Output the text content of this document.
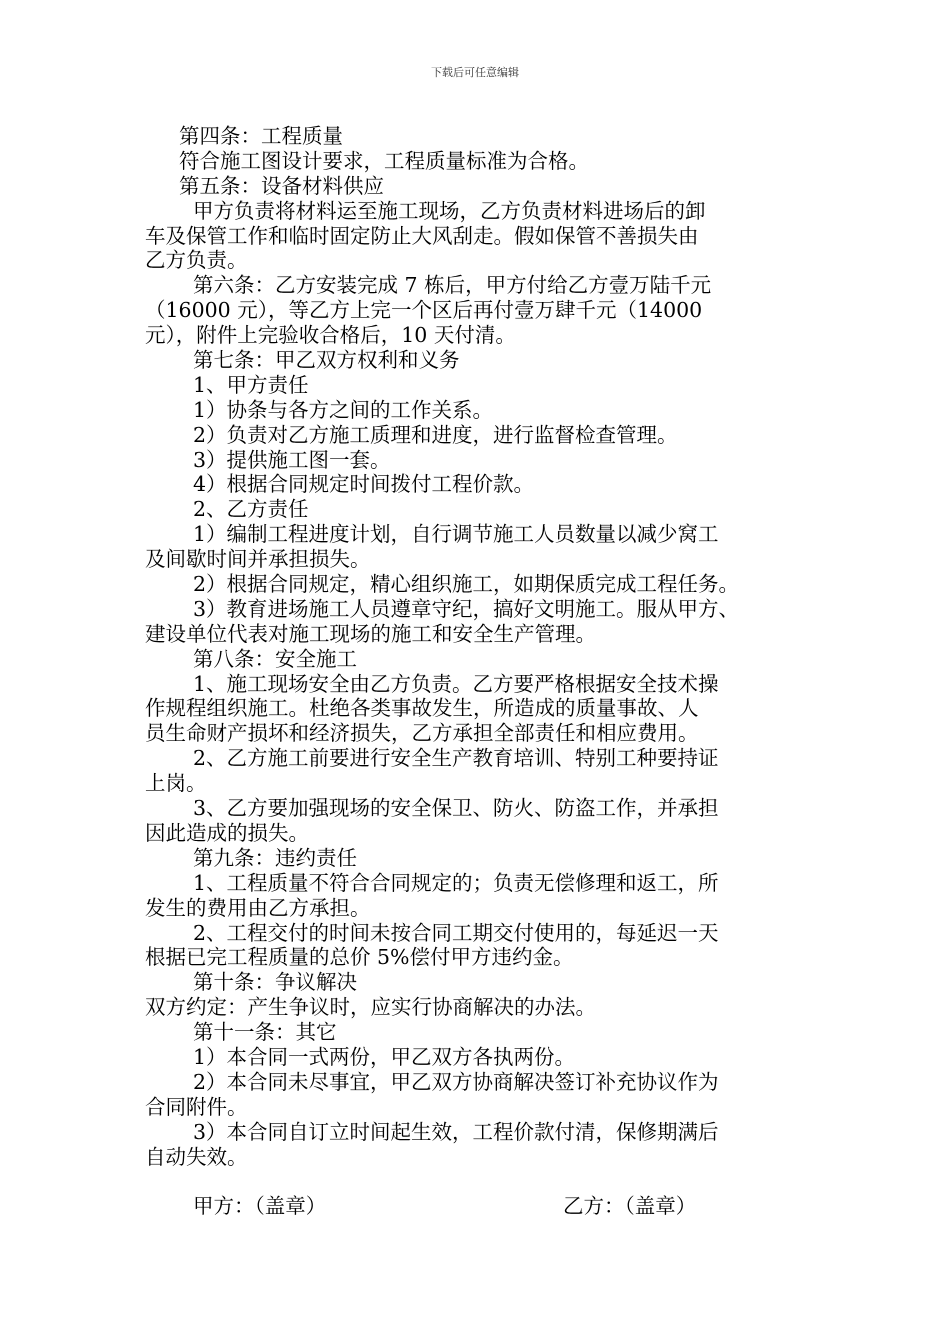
下载后可任意编辑
第四条：工程质量
符合施工图设计要求，工程质量标准为合格。
第五条：设备材料供应
甲方负责将材料运至施工现场，乙方负责材料进场后的卸
车及保管工作和临时固定防止大风刮走。假如保管不善损失由
乙方负责。
第六条：乙方安装完成 7 栋后，甲方付给乙方壹万陆千元
（16000 元），等乙方上完一个区后再付壹万肆千元（14000
元），附件上完验收合格后，10 天付清。
第七条：甲乙双方权利和义务
1、甲方责任
1）协条与各方之间的工作关系。
2）负责对乙方施工质理和进度，进行监督检查管理。
3）提供施工图一套。
4）根据合同规定时间拨付工程价款。
2、乙方责任
1）编制工程进度计划，自行调节施工人员数量以减少窝工
及间歇时间并承担损失。
2）根据合同规定，精心组织施工，如期保质完成工程任务。
3）教育进场施工人员遵章守纪，搞好文明施工。服从甲方、
建设单位代表对施工现场的施工和安全生产管理。
第八条：安全施工
1、施工现场安全由乙方负责。乙方要严格根据安全技术操
作规程组织施工。杜绝各类事故发生，所造成的质量事故、人
员生命财产损坏和经济损失，乙方承担全部责任和相应费用。
2、乙方施工前要进行安全生产教育培训、特别工种要持证
上岗。
3、乙方要加强现场的安全保卫、防火、防盗工作，并承担
因此造成的损失。
第九条：违约责任
1、工程质量不符合合同规定的；负责无偿修理和返工，所
发生的费用由乙方承担。
2、工程交付的时间未按合同工期交付使用的，每延迟一天
根据已完工程质量的总价 5%偿付甲方违约金。
第十条：争议解决
双方约定：产生争议时，应实行协商解决的办法。
第十一条：其它
1）本合同一式两份，甲乙双方各执两份。
2）本合同未尽事宜，甲乙双方协商解决签订补充协议作为
合同附件。
3）本合同自订立时间起生效，工程价款付清，保修期满后
自动失效。

甲方：（盖章）

	乙方：（盖章）
